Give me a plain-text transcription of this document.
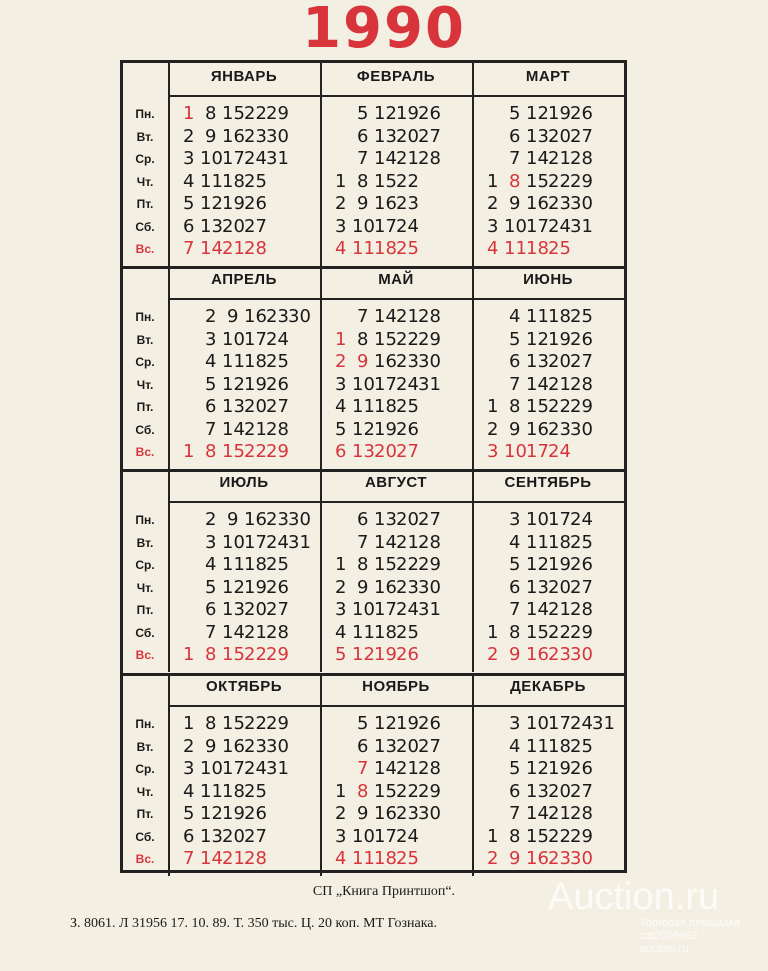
1990
Пн.
Вт.
Ср.
Чт.
Пт.
Сб.
Вс.
ЯНВАРЬ
1 8 15 22 29
2 9 16 23 30
3 10 17 24 31
4 11 18 25
5 12 19 26
6 13 20 27
7 14 21 28
ФЕВРАЛЬ
5 12 19 26
6 13 20 27
7 14 21 28
1 8 15 22
2 9 16 23
3 10 17 24
4 11 18 25
МАРТ
5 12 19 26
6 13 20 27
7 14 21 28
1 8 15 22 29
2 9 16 23 30
3 10 17 24 31
4 11 18 25
Пн.
Вт.
Ср.
Чт.
Пт.
Сб.
Вс.
АПРЕЛЬ
2 9 16 23 30
3 10 17 24
4 11 18 25
5 12 19 26
6 13 20 27
7 14 21 28
1 8 15 22 29
МАЙ
7 14 21 28
1 8 15 22 29
2 9 16 23 30
3 10 17 24 31
4 11 18 25
5 12 19 26
6 13 20 27
ИЮНЬ
4 11 18 25
5 12 19 26
6 13 20 27
7 14 21 28
1 8 15 22 29
2 9 16 23 30
3 10 17 24
Пн.
Вт.
Ср.
Чт.
Пт.
Сб.
Вс.
ИЮЛЬ
2 9 16 23 30
3 10 17 24 31
4 11 18 25
5 12 19 26
6 13 20 27
7 14 21 28
1 8 15 22 29
АВГУСТ
6 13 20 27
7 14 21 28
1 8 15 22 29
2 9 16 23 30
3 10 17 24 31
4 11 18 25
5 12 19 26
СЕНТЯБРЬ
3 10 17 24
4 11 18 25
5 12 19 26
6 13 20 27
7 14 21 28
1 8 15 22 29
2 9 16 23 30
Пн.
Вт.
Ср.
Чт.
Пт.
Сб.
Вс.
ОКТЯБРЬ
1 8 15 22 29
2 9 16 23 30
3 10 17 24 31
4 11 18 25
5 12 19 26
6 13 20 27
7 14 21 28
НОЯБРЬ
5 12 19 26
6 13 20 27
7 14 21 28
1 8 15 22 29
2 9 16 23 30
3 10 17 24
4 11 18 25
ДЕКАБРЬ
3 10 17 24 31
4 11 18 25
5 12 19 26
6 13 20 27
7 14 21 28
1 8 15 22 29
2 9 16 23 30
СП „Книга Принтшоп“.
З. 8061. Л 31956 17. 10. 89. Т. 350 тыс. Ц. 20 коп. МТ Гознака.
Auction.ru
Торговая площадка
cat2006062
auction.ru
